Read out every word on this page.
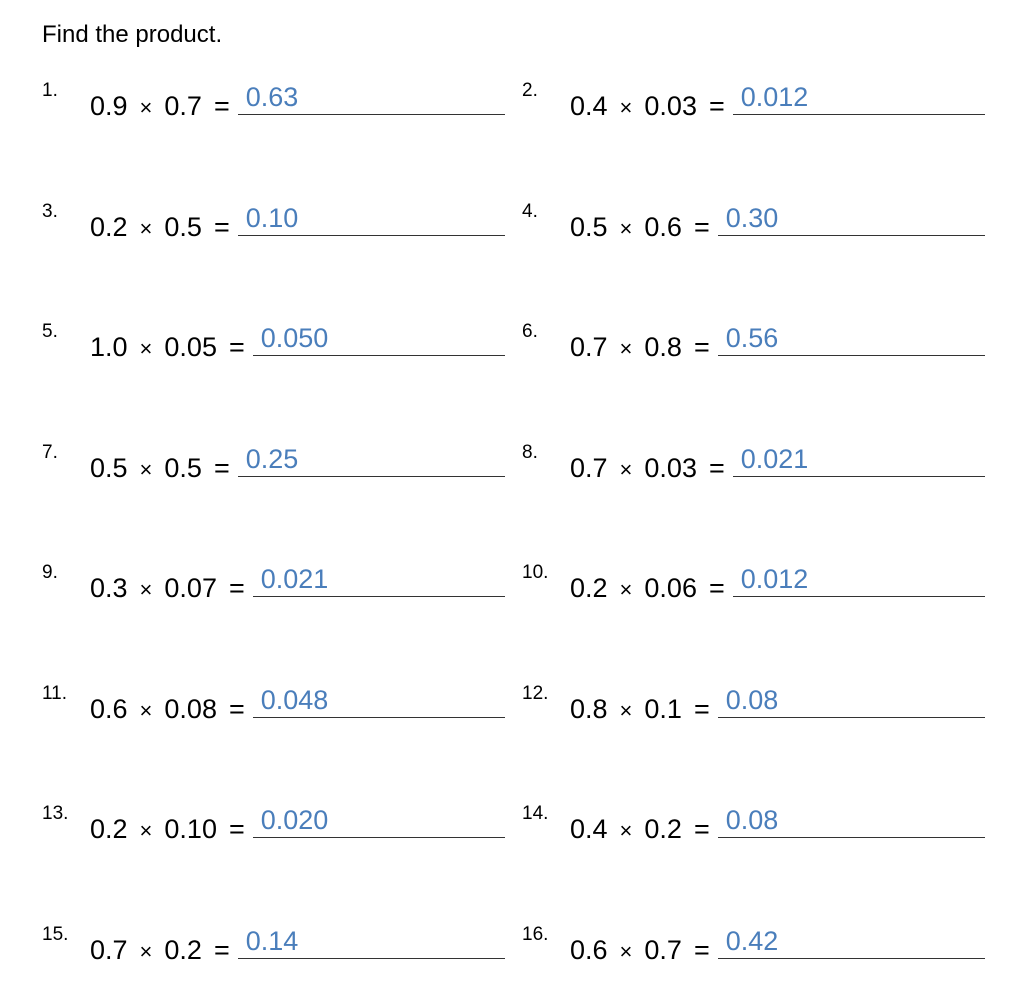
Find the product.
1.
0.9 × 0.7 = 0.63	2.
0.4 × 0.03 = 0.012
3.
0.2 × 0.5 = 0.10	4.
0.5 × 0.6 = 0.30
5.
1.0 × 0.05 = 0.050	6.
0.7 × 0.8 = 0.56
7.
0.5 × 0.5 = 0.25	8.
0.7 × 0.03 = 0.021
9.
0.3 × 0.07 = 0.021	10.
0.2 × 0.06 = 0.012
11.
0.6 × 0.08 = 0.048	12.
0.8 × 0.1 = 0.08
13.
0.2 × 0.10 = 0.020	14.
0.4 × 0.2 = 0.08
15.
0.7 × 0.2 = 0.14	16.
0.6 × 0.7 = 0.42
